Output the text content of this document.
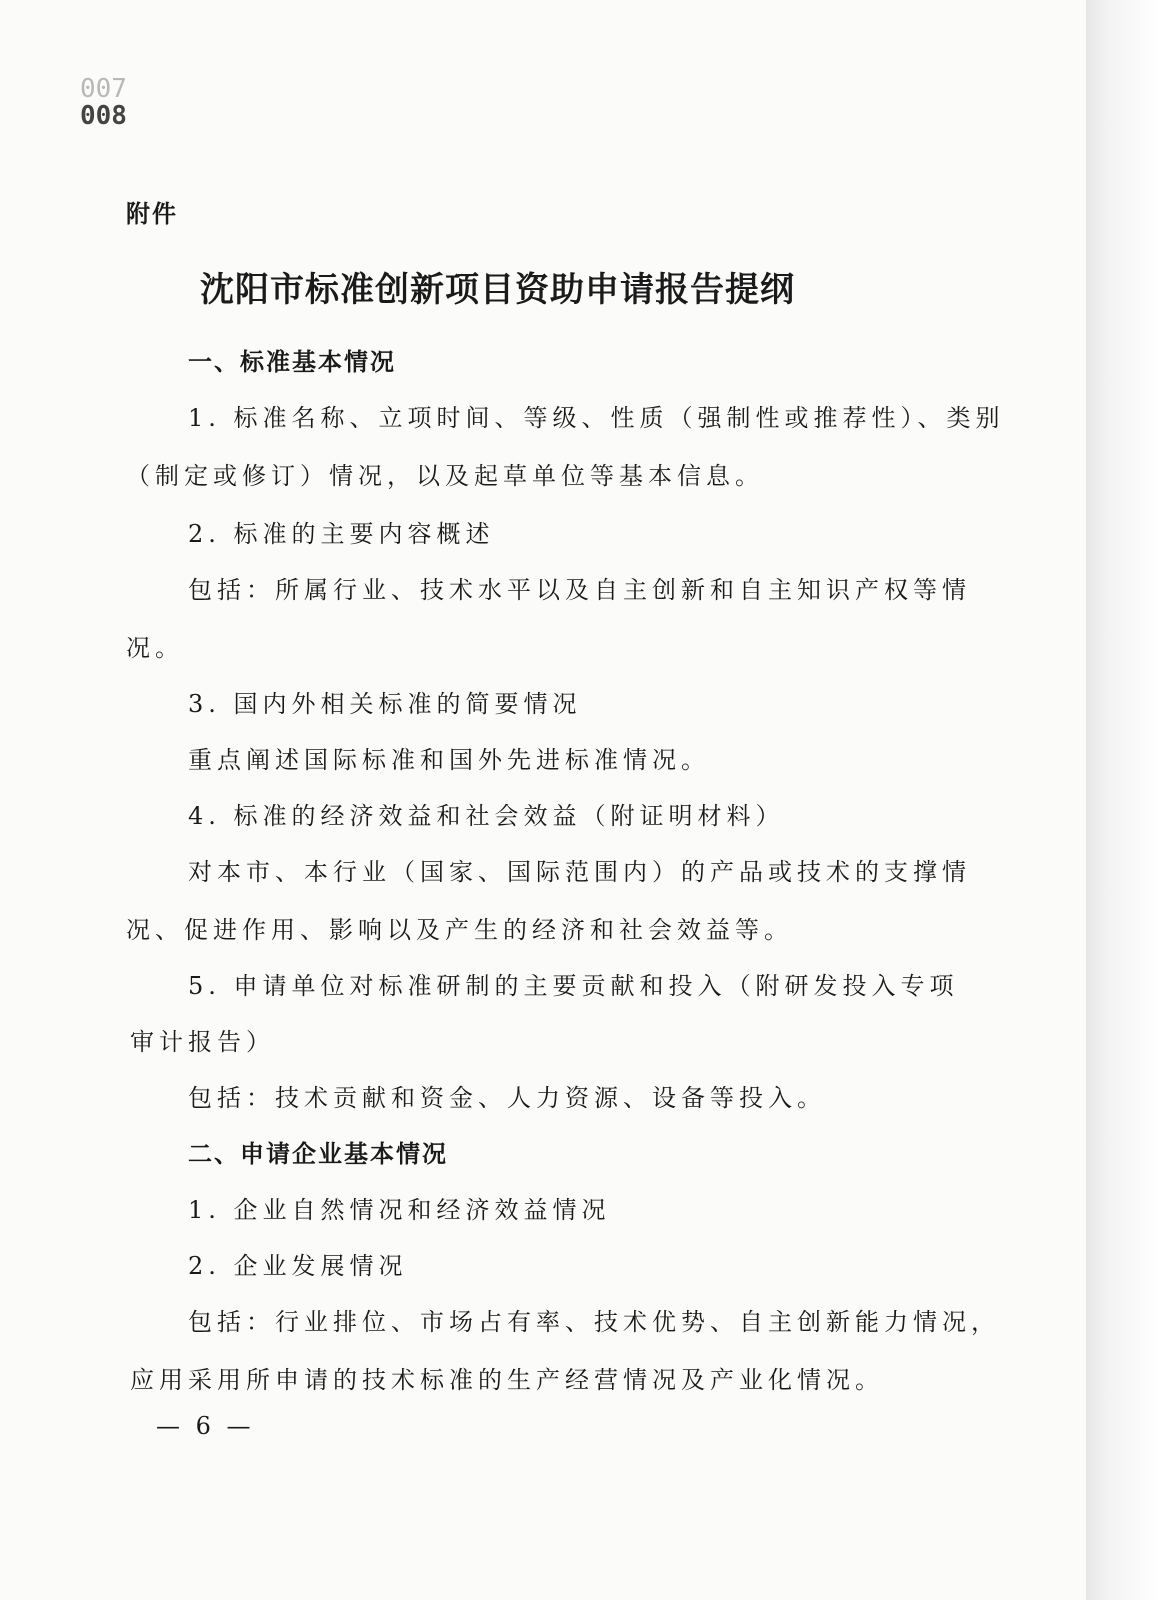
007
008
附件
沈阳市标准创新项目资助申请报告提纲
一、标准基本情况
1. 标准名称、立项时间、等级、性质（强制性或推荐性）、类别
（制定或修订）情况，以及起草单位等基本信息。
2. 标准的主要内容概述
包括：所属行业、技术水平以及自主创新和自主知识产权等情
况。
3. 国内外相关标准的简要情况
重点阐述国际标准和国外先进标准情况。
4. 标准的经济效益和社会效益（附证明材料）
对本市、本行业（国家、国际范围内）的产品或技术的支撑情
况、促进作用、影响以及产生的经济和社会效益等。
5. 申请单位对标准研制的主要贡献和投入（附研发投入专项
审计报告）
包括：技术贡献和资金、人力资源、设备等投入。
二、申请企业基本情况
1. 企业自然情况和经济效益情况
2. 企业发展情况
包括：行业排位、市场占有率、技术优势、自主创新能力情况，
应用采用所申请的技术标准的生产经营情况及产业化情况。
— 6 —
